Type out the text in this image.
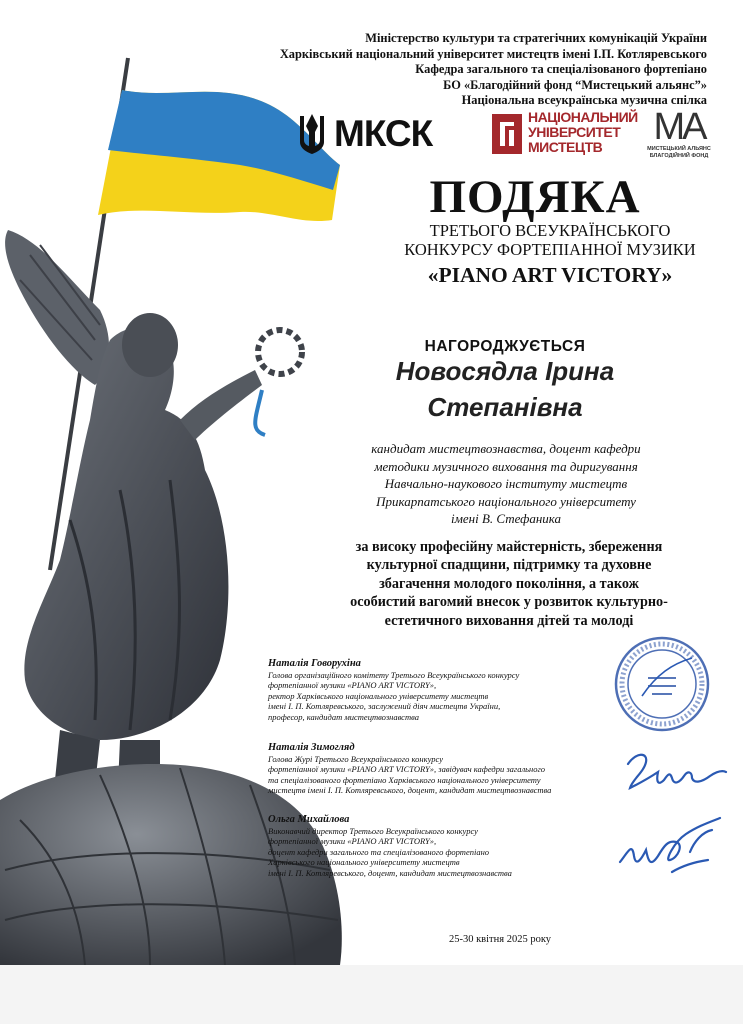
Міністерство культури та стратегічних комунікацій України
Харківський національний університет мистецтв імені І.П. Котляревського
Кафедра загального та спеціалізованого фортепіано
БО «Благодійний фонд “Мистецький альянс”»
Національна всеукраїнська музична спілка
МКСК	НАЦІОНАЛЬНИЙ
УНІВЕРСИТЕТ
МИСТЕЦТВ	МА
МИСТЕЦЬКИЙ АЛЬЯНС
БЛАГОДІЙНИЙ ФОНД
ПОДЯКА
ТРЕТЬОГО ВСЕУКРАЇНСЬКОГО
КОНКУРСУ ФОРТЕПІАННОЇ МУЗИКИ
«PIANO ART VICTORY»
НАГОРОДЖУЄТЬСЯ
Новосядла Ірина
Степанівна
кандидат мистецтвознавства, доцент кафедри
методики музичного виховання та диригування
Навчально-наукового інституту мистецтв
Прикарпатського національного університету
імені В. Стефаника
за високу професійну майстерність, збереження
культурної спадщини, підтримку та духовне
збагачення молодого покоління, а також
особистий вагомий внесок у розвиток культурно-
естетичного виховання дітей та молоді
Наталія Говорухіна
Голова організаційного комітету Третього Всеукраїнського конкурсу
фортепіанної музики «PIANO ART VICTORY»,
ректор Харківського національного університету мистецтв
імені І. П. Котляревського, заслужений діяч мистецтв України,
професор, кандидат мистецтвознавства
Наталія Зимогляд
Голова Журі Третього Всеукраїнського конкурсу
фортепіанної музики «PIANO ART VICTORY», завідувач кафедри загального
та спеціалізованого фортепіано Харківського національного університету
мистецтв імені І. П. Котляревського, доцент, кандидат мистецтвознавства
Ольга Михайлова
Виконавчий директор Третього Всеукраїнського конкурсу
фортепіанної музики «PIANO ART VICTORY»,
доцент кафедри загального та спеціалізованого фортепіано
Харківського національного університету мистецтв
імені І. П. Котляревського, доцент, кандидат мистецтвознавства
25-30 квітня 2025 року
